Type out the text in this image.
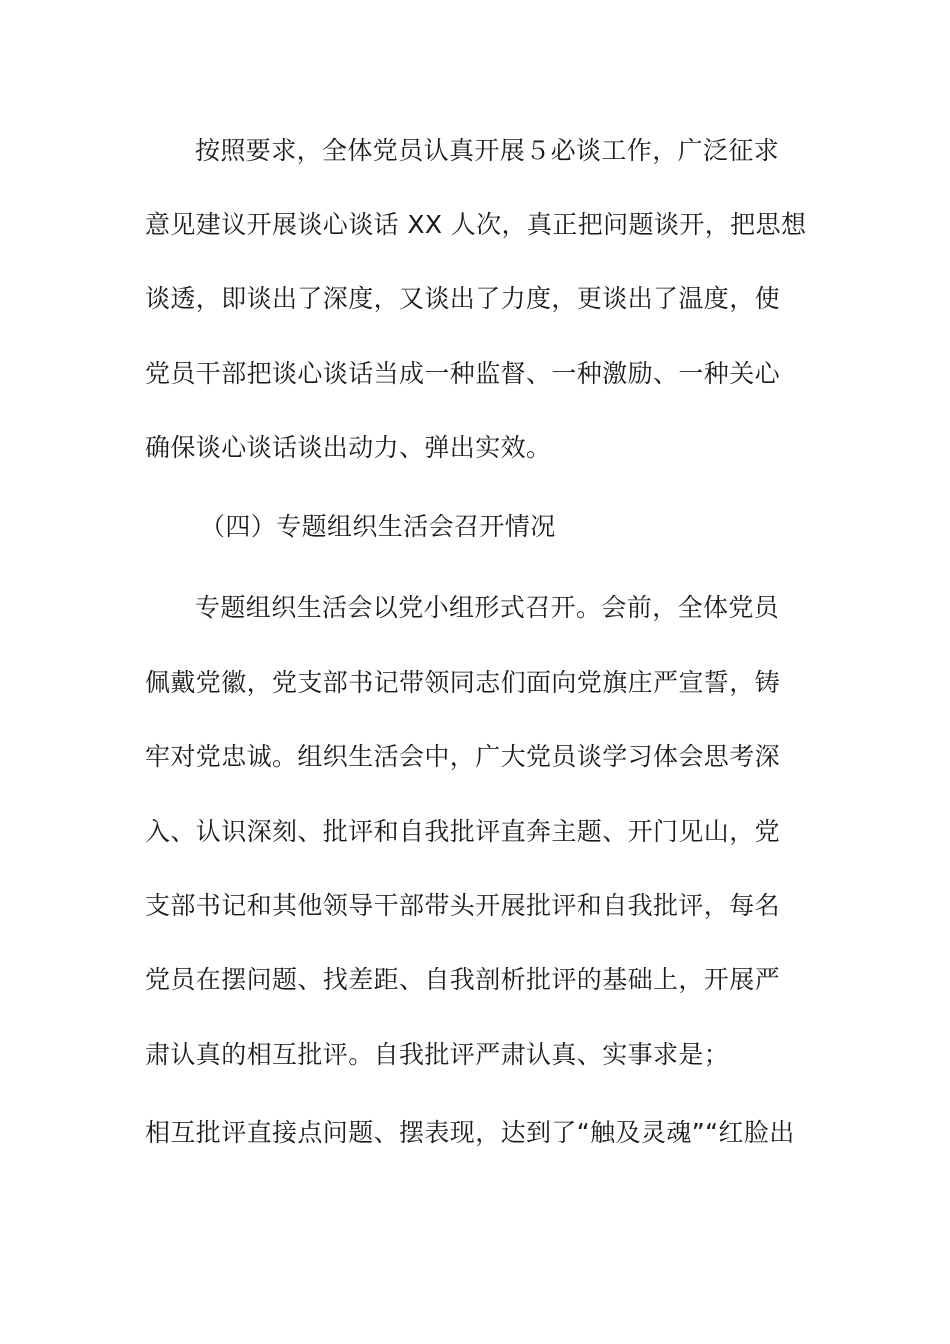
按照要求，全体党员认真开展５必谈工作，广泛征求
意见建议开展谈心谈话 XX 人次，真正把问题谈开，把思想
谈透，即谈出了深度，又谈出了力度，更谈出了温度，使
党员干部把谈心谈话当成一种监督、一种激励、一种关心
确保谈心谈话谈出动力、弹出实效。
（四）专题组织生活会召开情况
专题组织生活会以党小组形式召开。会前，全体党员
佩戴党徽，党支部书记带领同志们面向党旗庄严宣誓，铸
牢对党忠诚。组织生活会中，广大党员谈学习体会思考深
入、认识深刻、批评和自我批评直奔主题、开门见山，党
支部书记和其他领导干部带头开展批评和自我批评，每名
党员在摆问题、找差距、自我剖析批评的基础上，开展严
肃认真的相互批评。自我批评严肃认真、实事求是；
相互批评直接点问题、摆表现，达到了“触及灵魂”“红脸出
